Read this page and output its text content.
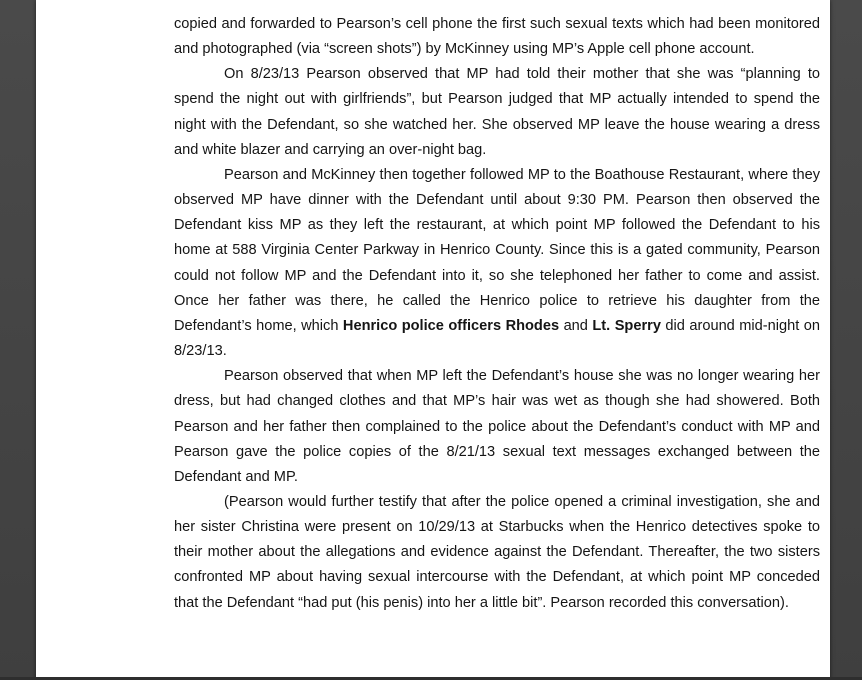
copied and forwarded to Pearson’s cell phone the first such sexual texts which had been monitored and photographed (via “screen shots”) by McKinney using MP’s Apple cell phone account.

On 8/23/13 Pearson observed that MP had told their mother that she was “planning to spend the night out with girlfriends”, but Pearson judged that MP actually intended to spend the night with the Defendant, so she watched her. She observed MP leave the house wearing a dress and white blazer and carrying an over-night bag.

Pearson and McKinney then together followed MP to the Boathouse Restaurant, where they observed MP have dinner with the Defendant until about 9:30 PM. Pearson then observed the Defendant kiss MP as they left the restaurant, at which point MP followed the Defendant to his home at 588 Virginia Center Parkway in Henrico County. Since this is a gated community, Pearson could not follow MP and the Defendant into it, so she telephoned her father to come and assist. Once her father was there, he called the Henrico police to retrieve his daughter from the Defendant’s home, which Henrico police officers Rhodes and Lt. Sperry did around mid-night on 8/23/13.

Pearson observed that when MP left the Defendant’s house she was no longer wearing her dress, but had changed clothes and that MP’s hair was wet as though she had showered. Both Pearson and her father then complained to the police about the Defendant’s conduct with MP and Pearson gave the police copies of the 8/21/13 sexual text messages exchanged between the Defendant and MP.

(Pearson would further testify that after the police opened a criminal investigation, she and her sister Christina were present on 10/29/13 at Starbucks when the Henrico detectives spoke to their mother about the allegations and evidence against the Defendant. Thereafter, the two sisters confronted MP about having sexual intercourse with the Defendant, at which point MP conceded that the Defendant “had put (his penis) into her a little bit”. Pearson recorded this conversation).
